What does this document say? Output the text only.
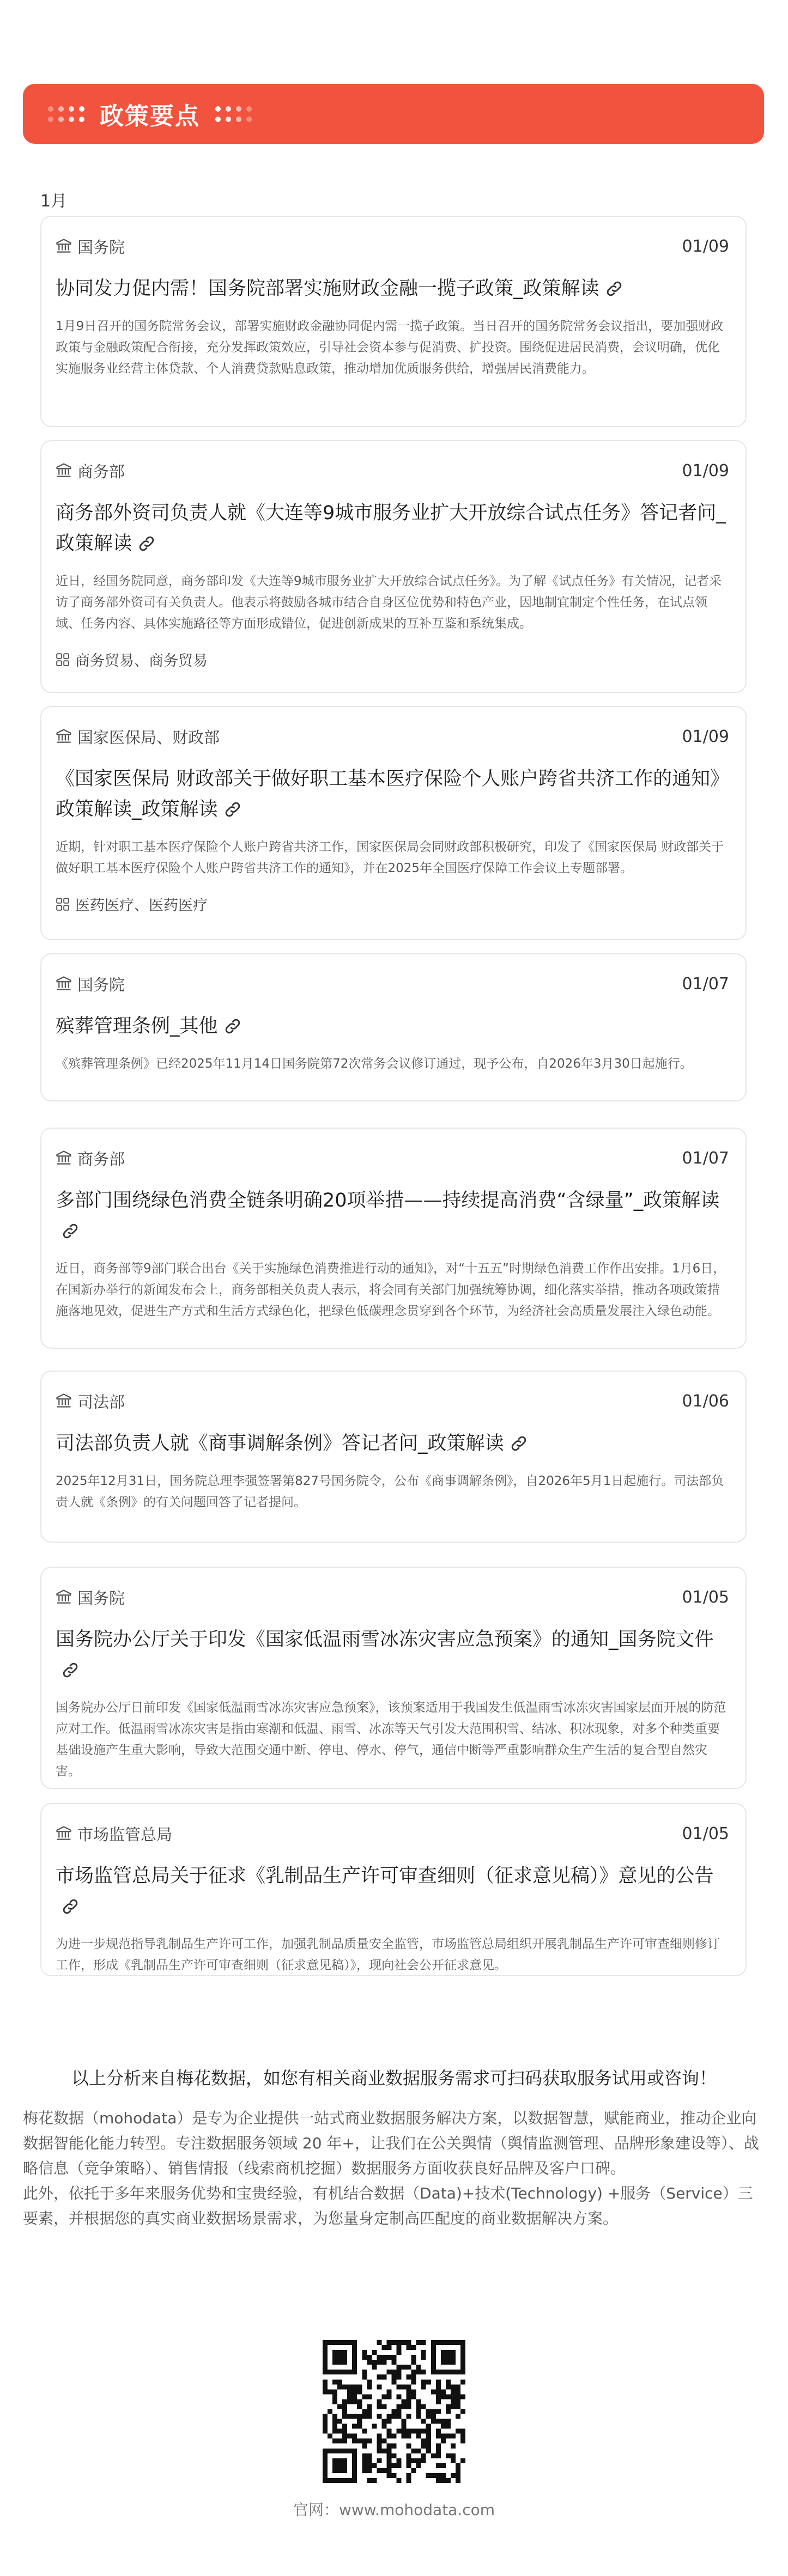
政策要点
1月
国务院	01/09
协同发力促内需！国务院部署实施财政金融一揽子政策_政策解读
1月9日召开的国务院常务会议，部署实施财政金融协同促内需一揽子政策。当日召开的国务院常务会议指出，要加强财政政策与金融政策配合衔接，充分发挥政策效应，引导社会资本参与促消费、扩投资。围绕促进居民消费，会议明确，优化实施服务业经营主体贷款、个人消费贷款贴息政策，推动增加优质服务供给，增强居民消费能力。
商务部	01/09
商务部外资司负责人就《大连等9城市服务业扩大开放综合试点任务》答记者问_政策解读
近日，经国务院同意，商务部印发《大连等9城市服务业扩大开放综合试点任务》。为了解《试点任务》有关情况，记者采访了商务部外资司有关负责人。他表示将鼓励各城市结合自身区位优势和特色产业，因地制宜制定个性任务，在试点领域、任务内容、具体实施路径等方面形成错位，促进创新成果的互补互鉴和系统集成。
商务贸易、商务贸易
国家医保局、财政部	01/09
《国家医保局 财政部关于做好职工基本医疗保险个人账户跨省共济工作的通知》政策解读_政策解读
近期，针对职工基本医疗保险个人账户跨省共济工作，国家医保局会同财政部积极研究，印发了《国家医保局 财政部关于做好职工基本医疗保险个人账户跨省共济工作的通知》，并在2025年全国医疗保障工作会议上专题部署。
医药医疗、医药医疗
国务院	01/07
殡葬管理条例_其他
《殡葬管理条例》已经2025年11月14日国务院第72次常务会议修订通过，现予公布，自2026年3月30日起施行。
商务部	01/07
多部门围绕绿色消费全链条明确20项举措——持续提高消费“含绿量”_政策解读
近日，商务部等9部门联合出台《关于实施绿色消费推进行动的通知》，对“十五五”时期绿色消费工作作出安排。1月6日，在国新办举行的新闻发布会上，商务部相关负责人表示，将会同有关部门加强统筹协调，细化落实举措，推动各项政策措施落地见效，促进生产方式和生活方式绿色化，把绿色低碳理念贯穿到各个环节，为经济社会高质量发展注入绿色动能。
司法部	01/06
司法部负责人就《商事调解条例》答记者问_政策解读
2025年12月31日，国务院总理李强签署第827号国务院令，公布《商事调解条例》，自2026年5月1日起施行。司法部负责人就《条例》的有关问题回答了记者提问。
国务院	01/05
国务院办公厅关于印发《国家低温雨雪冰冻灾害应急预案》的通知_国务院文件
国务院办公厅日前印发《国家低温雨雪冰冻灾害应急预案》，该预案适用于我国发生低温雨雪冰冻灾害国家层面开展的防范应对工作。低温雨雪冰冻灾害是指由寒潮和低温、雨雪、冰冻等天气引发大范围积雪、结冰、积冰现象，对多个种类重要基础设施产生重大影响，导致大范围交通中断、停电、停水、停气，通信中断等严重影响群众生产生活的复合型自然灾害。
市场监管总局	01/05
市场监管总局关于征求《乳制品生产许可审查细则（征求意见稿）》意见的公告
为进一步规范指导乳制品生产许可工作，加强乳制品质量安全监管，市场监管总局组织开展乳制品生产许可审查细则修订工作，形成《乳制品生产许可审查细则（征求意见稿）》，现向社会公开征求意见。
以上分析来自梅花数据，如您有相关商业数据服务需求可扫码获取服务试用或咨询！

梅花数据（mohodata）是专为企业提供一站式商业数据服务解决方案，以数据智慧，赋能商业，推动企业向数据智能化能力转型。专注数据服务领域 20 年+，让我们在公关舆情（舆情监测管理、品牌形象建设等）、战略信息（竞争策略）、销售情报（线索商机挖掘）数据服务方面收获良好品牌及客户口碑。

此外，依托于多年来服务优势和宝贵经验，有机结合数据（Data)+技术(Technology) +服务（Service）三要素，并根据您的真实商业数据场景需求，为您量身定制高匹配度的商业数据解决方案。

官网：www.mohodata.com
